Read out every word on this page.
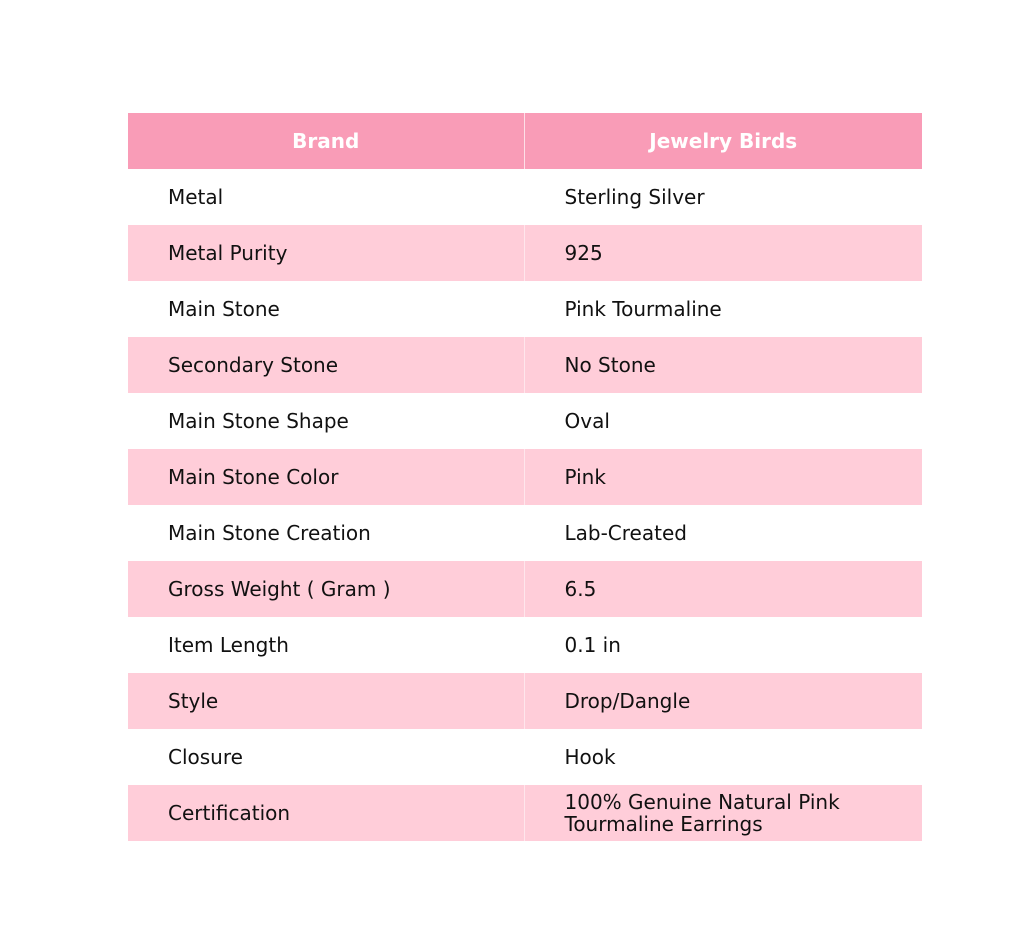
Brand	Jewelry Birds
Metal	Sterling Silver
Metal Purity	925
Main Stone	Pink Tourmaline
Secondary Stone	No Stone
Main Stone Shape	Oval
Main Stone Color	Pink
Main Stone Creation	Lab-Created
Gross Weight ( Gram )	6.5
Item Length	0.1 in
Style	Drop/Dangle
Closure	Hook
Certification	100% Genuine Natural Pink
Tourmaline Earrings
